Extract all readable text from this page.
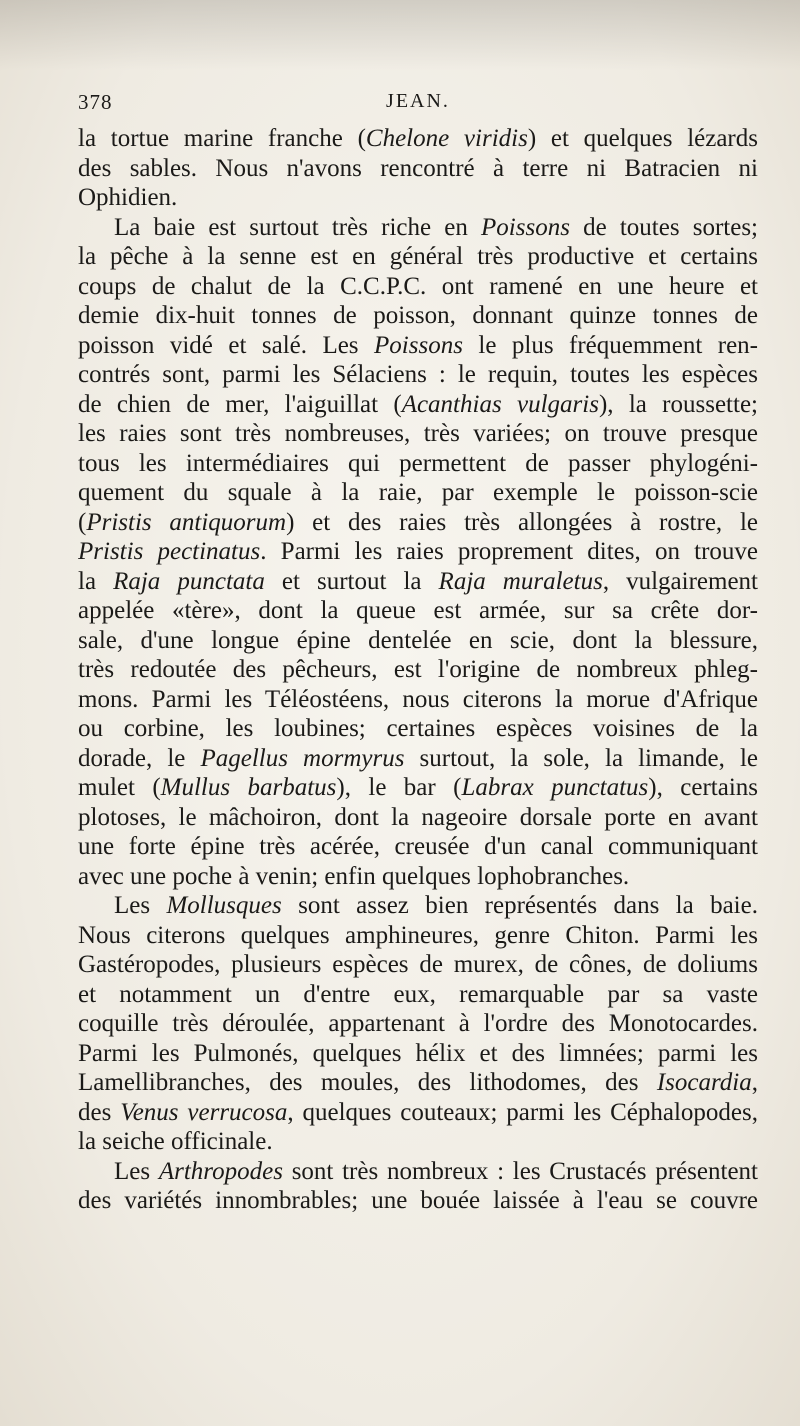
378	JEAN.
la tortue marine franche (Chelone viridis) et quelques lézards
des sables. Nous n'avons rencontré à terre ni Batracien ni
Ophidien.
La baie est surtout très riche en Poissons de toutes sortes;
la pêche à la senne est en général très productive et certains
coups de chalut de la C.C.P.C. ont ramené en une heure et
demie dix-huit tonnes de poisson, donnant quinze tonnes de
poisson vidé et salé. Les Poissons le plus fréquemment ren-
contrés sont, parmi les Sélaciens : le requin, toutes les espèces
de chien de mer, l'aiguillat (Acanthias vulgaris), la roussette;
les raies sont très nombreuses, très variées; on trouve presque
tous les intermédiaires qui permettent de passer phylogéni-
quement du squale à la raie, par exemple le poisson-scie
(Pristis antiquorum) et des raies très allongées à rostre, le
Pristis pectinatus. Parmi les raies proprement dites, on trouve
la Raja punctata et surtout la Raja muraletus, vulgairement
appelée «tère», dont la queue est armée, sur sa crête dor-
sale, d'une longue épine dentelée en scie, dont la blessure,
très redoutée des pêcheurs, est l'origine de nombreux phleg-
mons. Parmi les Téléostéens, nous citerons la morue d'Afrique
ou corbine, les loubines; certaines espèces voisines de la
dorade, le Pagellus mormyrus surtout, la sole, la limande, le
mulet (Mullus barbatus), le bar (Labrax punctatus), certains
plotoses, le mâchoiron, dont la nageoire dorsale porte en avant
une forte épine très acérée, creusée d'un canal communiquant
avec une poche à venin; enfin quelques lophobranches.
Les Mollusques sont assez bien représentés dans la baie.
Nous citerons quelques amphineures, genre Chiton. Parmi les
Gastéropodes, plusieurs espèces de murex, de cônes, de doliums
et notamment un d'entre eux, remarquable par sa vaste
coquille très déroulée, appartenant à l'ordre des Monotocardes.
Parmi les Pulmonés, quelques hélix et des limnées; parmi les
Lamellibranches, des moules, des lithodomes, des Isocardia,
des Venus verrucosa, quelques couteaux; parmi les Céphalopodes,
la seiche officinale.
Les Arthropodes sont très nombreux : les Crustacés présentent
des variétés innombrables; une bouée laissée à l'eau se couvre
